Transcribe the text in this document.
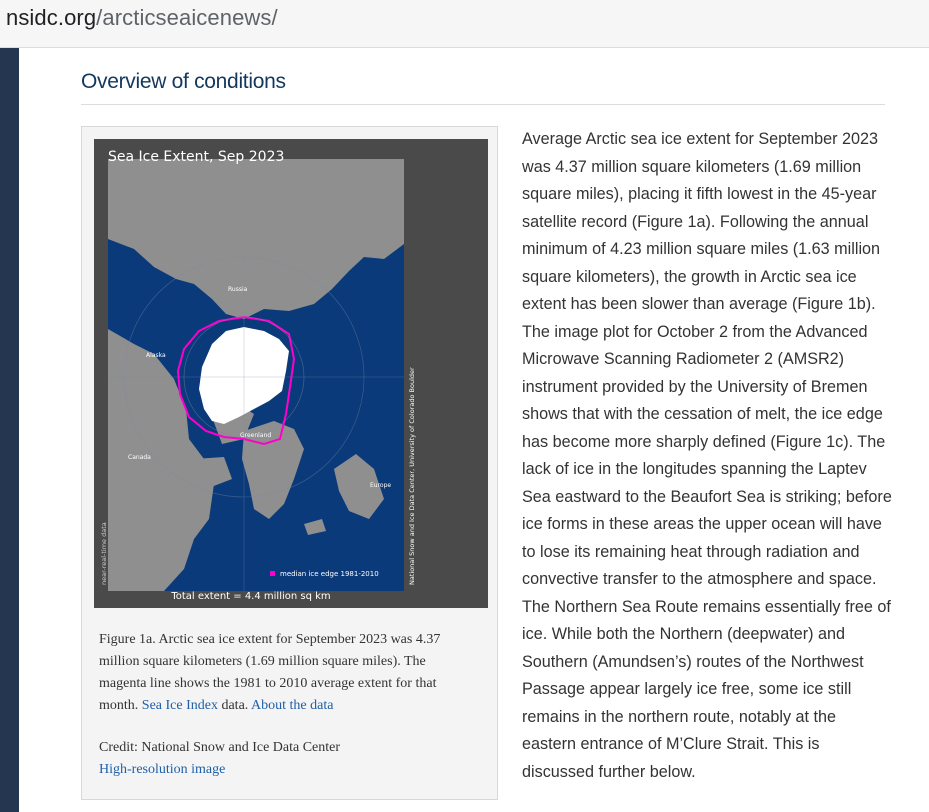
nsidc.org/arcticseaicenews/
Overview of conditions
Sea Ice Extent, Sep 2023
Russia
Alaska
Canada
Greenland
Europe
median ice edge 1981-2010
Total extent = 4.4 million sq km
National Snow and Ice Data Center, University of Colorado Boulder
near-real-time data

Figure 1a. Arctic sea ice extent for September 2023 was 4.37 million square kilometers (1.69 million square miles). The magenta line shows the 1981 to 2010 average extent for that month. Sea Ice Index data. About the data

Credit: National Snow and Ice Data Center
High-resolution image

Average Arctic sea ice extent for September 2023 was 4.37 million square kilometers (1.69 million square miles), placing it fifth lowest in the 45-year satellite record (Figure 1a). Following the annual minimum of 4.23 million square miles (1.63 million square kilometers), the growth in Arctic sea ice extent has been slower than average (Figure 1b). The image plot for October 2 from the Advanced Microwave Scanning Radiometer 2 (AMSR2) instrument provided by the University of Bremen shows that with the cessation of melt, the ice edge has become more sharply defined (Figure 1c). The lack of ice in the longitudes spanning the Laptev Sea eastward to the Beaufort Sea is striking; before ice forms in these areas the upper ocean will have to lose its remaining heat through radiation and convective transfer to the atmosphere and space. The Northern Sea Route remains essentially free of ice. While both the Northern (deepwater) and Southern (Amundsen’s) routes of the Northwest Passage appear largely ice free, some ice still remains in the northern route, notably at the eastern entrance of M’Clure Strait. This is discussed further below.
